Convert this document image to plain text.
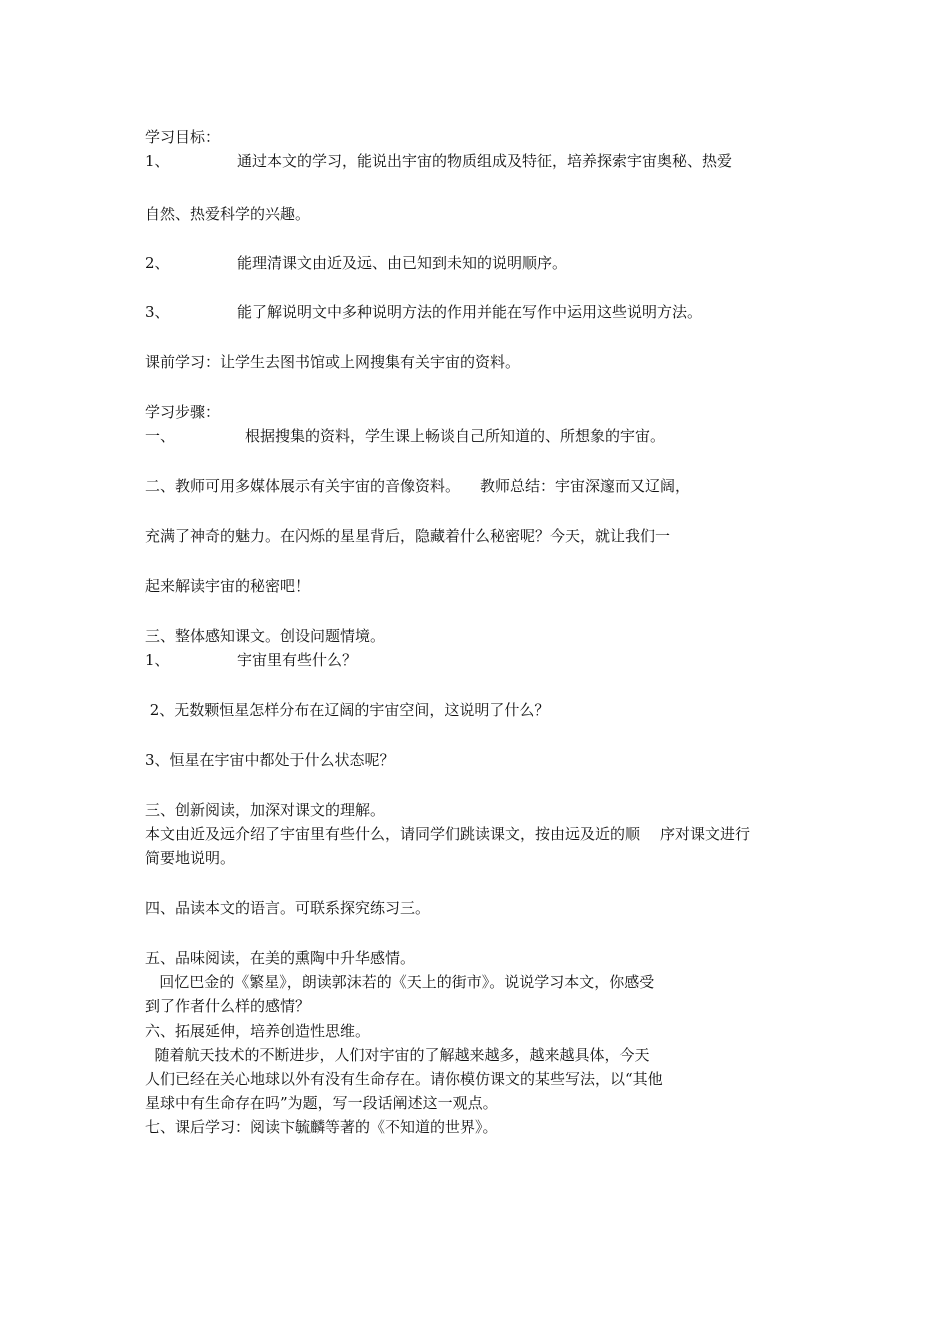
学习目标：
1、	通过本文的学习，能说出宇宙的物质组成及特征，培养探索宇宙奥秘、热爱
自然、热爱科学的兴趣。
2、	能理清课文由近及远、由已知到未知的说明顺序。
3、	能了解说明文中多种说明方法的作用并能在写作中运用这些说明方法。
课前学习：让学生去图书馆或上网搜集有关宇宙的资料。
学习步骤：
一、	根据搜集的资料，学生课上畅谈自己所知道的、所想象的宇宙。
二、教师可用多媒体展示有关宇宙的音像资料。 教师总结：宇宙深邃而又辽阔，
充满了神奇的魅力。在闪烁的星星背后，隐藏着什么秘密呢？今天，就让我们一
起来解读宇宙的秘密吧！
三、整体感知课文。创设问题情境。
1、	宇宙里有些什么？
2、无数颗恒星怎样分布在辽阔的宇宙空间，这说明了什么？
3、恒星在宇宙中都处于什么状态呢？
三、创新阅读，加深对课文的理解。
本文由近及远介绍了宇宙里有些什么，请同学们跳读课文，按由远及近的顺 序对课文进行
简要地说明。
四、品读本文的语言。可联系探究练习三。
五、品味阅读，在美的熏陶中升华感情。
回忆巴金的《繁星》，朗读郭沫若的《天上的街市》。说说学习本文，你感受
到了作者什么样的感情？
六、拓展延伸，培养创造性思维。
随着航天技术的不断进步，人们对宇宙的了解越来越多，越来越具体，今天
人们已经在关心地球以外有没有生命存在。请你模仿课文的某些写法，以“其他
星球中有生命存在吗”为题，写一段话阐述这一观点。
七、课后学习：阅读卞毓麟等著的《不知道的世界》。
